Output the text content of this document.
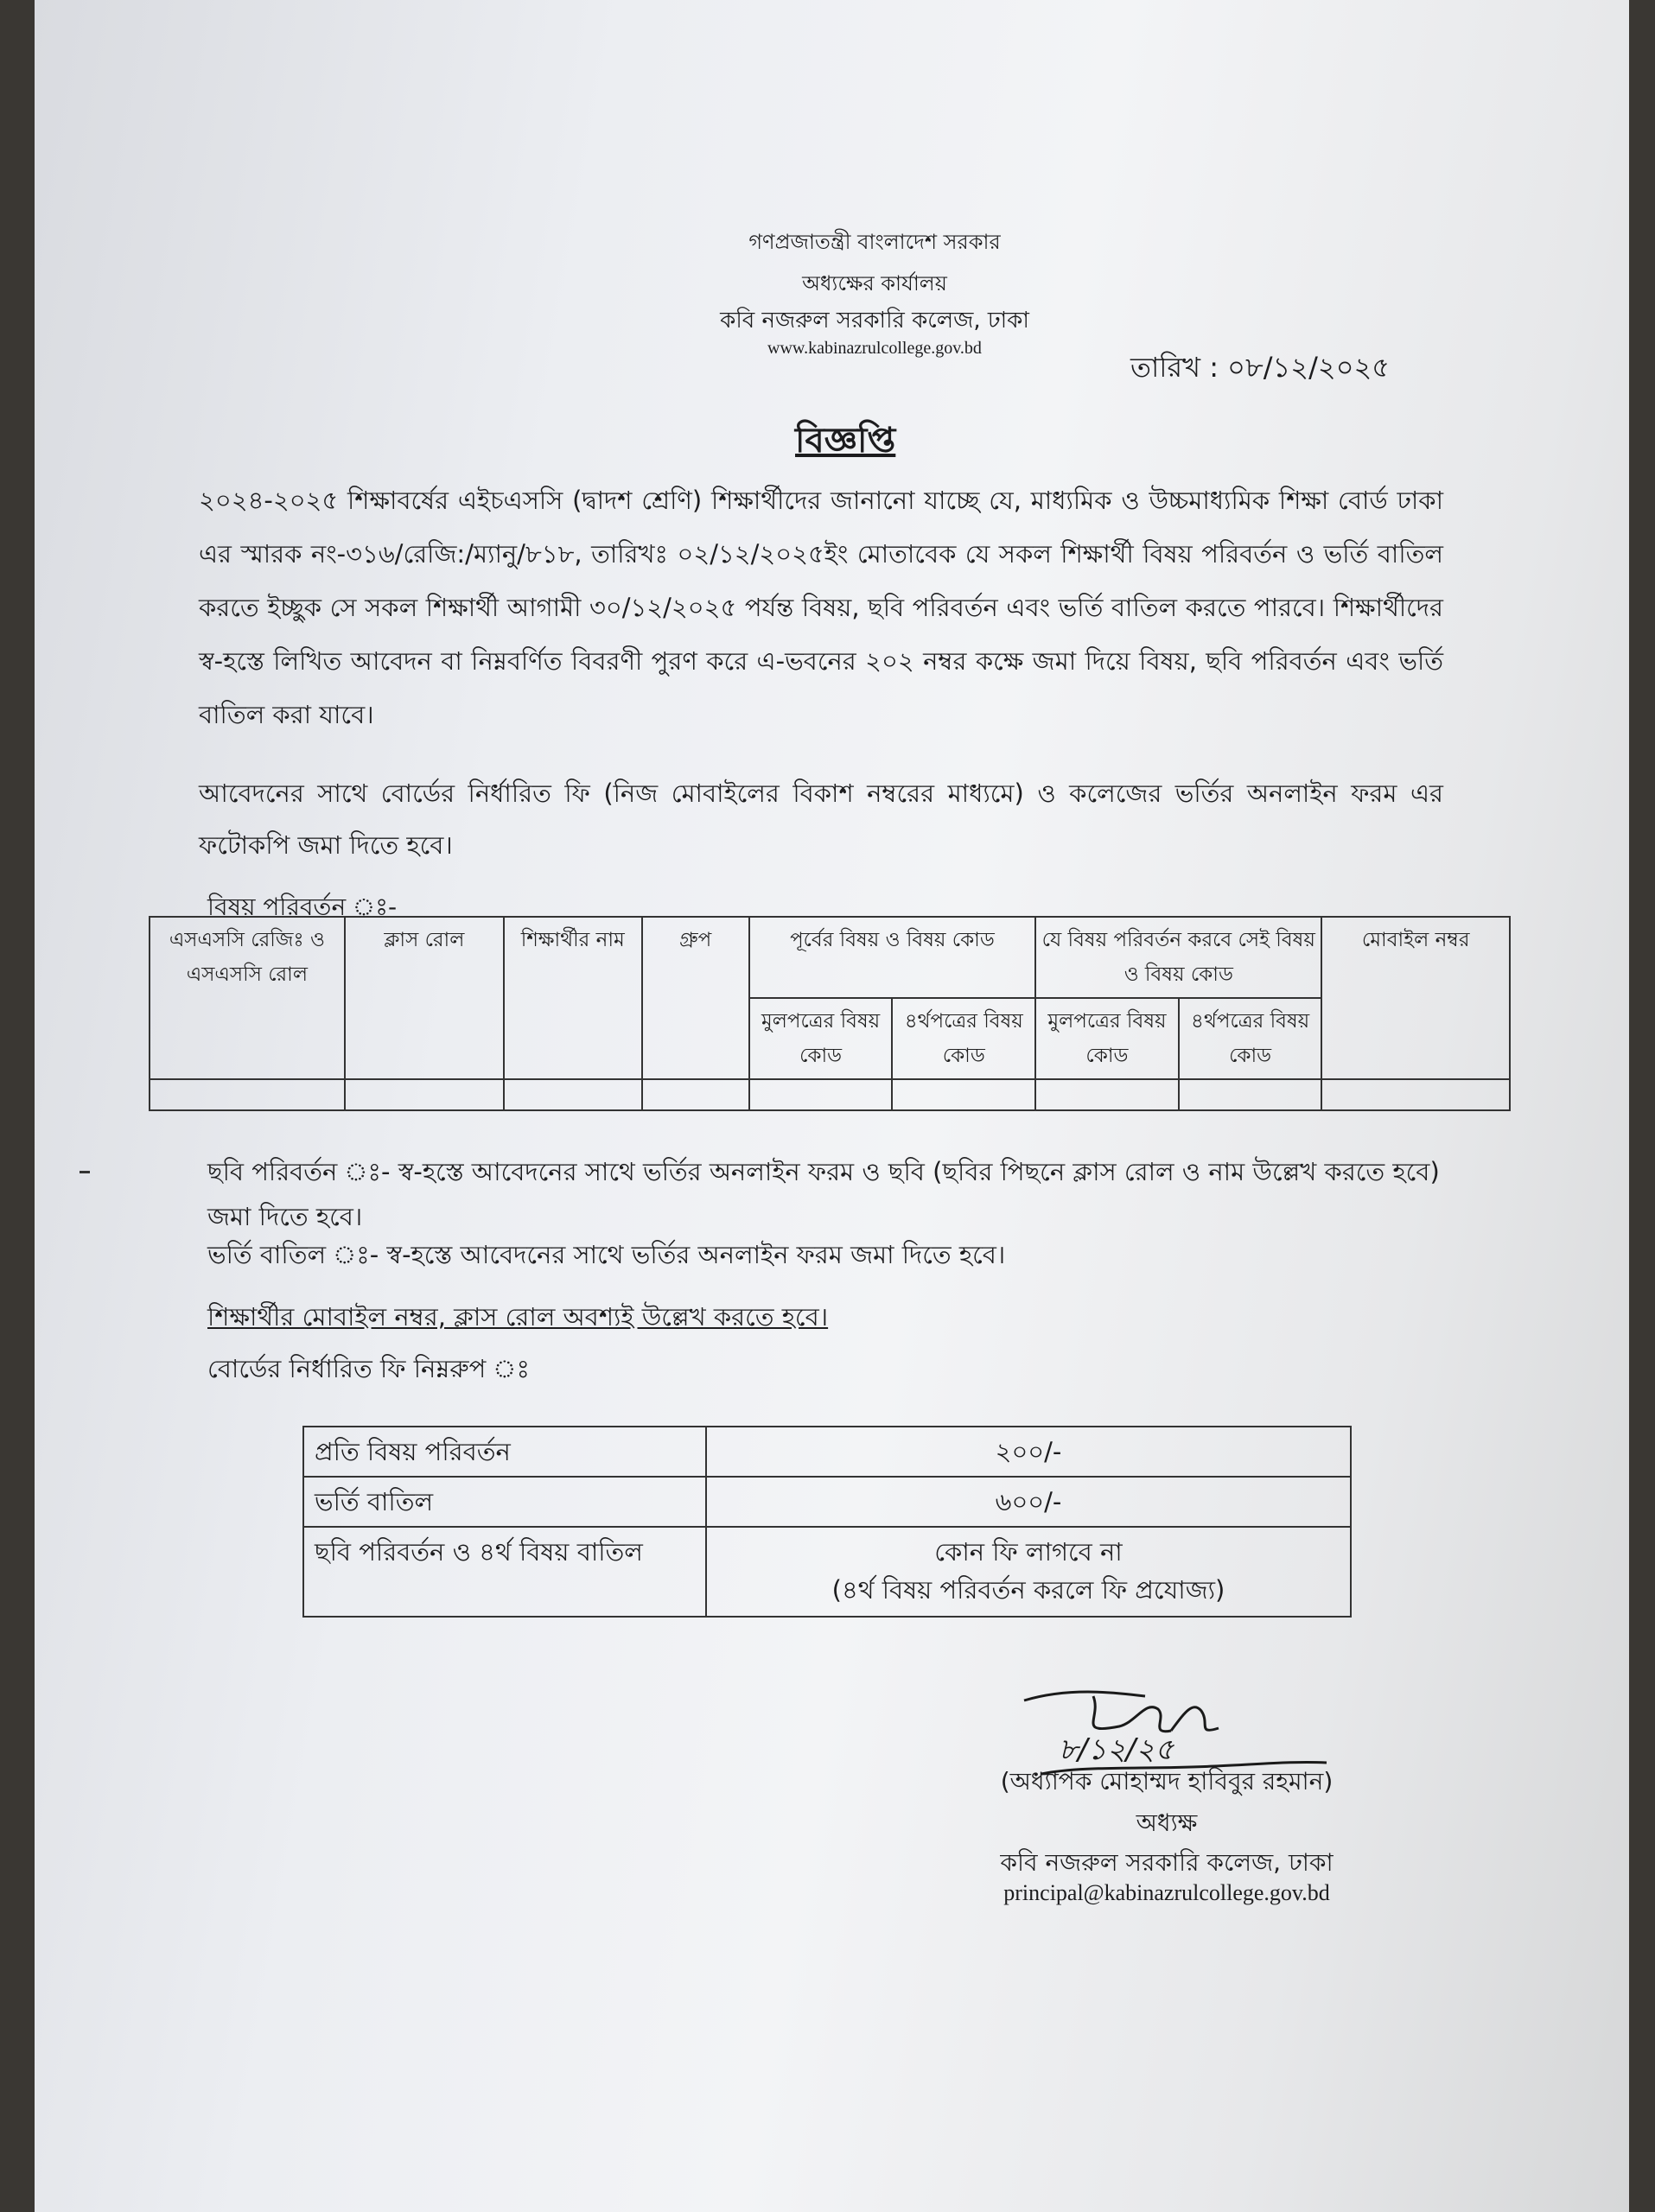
গণপ্রজাতন্ত্রী বাংলাদেশ সরকার
অধ্যক্ষের কার্যালয়
কবি নজরুল সরকারি কলেজ, ঢাকা
www.kabinazrulcollege.gov.bd
তারিখ : ০৮/১২/২০২৫
বিজ্ঞপ্তি
২০২৪-২০২৫ শিক্ষাবর্ষের এইচএসসি (দ্বাদশ শ্রেণি) শিক্ষার্থীদের জানানো যাচ্ছে যে, মাধ্যমিক ও উচ্চমাধ্যমিক শিক্ষা বোর্ড ঢাকা এর স্মারক নং-৩১৬/রেজি:/ম্যানু/৮১৮, তারিখঃ ০২/১২/২০২৫ইং মোতাবেক যে সকল শিক্ষার্থী বিষয় পরিবর্তন ও ভর্তি বাতিল করতে ইচ্ছুক সে সকল শিক্ষার্থী আগামী ৩০/১২/২০২৫ পর্যন্ত বিষয়, ছবি পরিবর্তন এবং ভর্তি বাতিল করতে পারবে। শিক্ষার্থীদের স্ব-হস্তে লিখিত আবেদন বা নিম্নবর্ণিত বিবরণী পুরণ করে এ-ভবনের ২০২ নম্বর কক্ষে জমা দিয়ে বিষয়, ছবি পরিবর্তন এবং ভর্তি বাতিল করা যাবে।
আবেদনের সাথে বোর্ডের নির্ধারিত ফি (নিজ মোবাইলের বিকাশ নম্বরের মাধ্যমে) ও কলেজের ভর্তির অনলাইন ফরম এর ফটোকপি জমা দিতে হবে।
বিষয় পরিবর্তন ঃ-
এসএসসি রেজিঃ ও এসএসসি রোল	ক্লাস রোল	শিক্ষার্থীর নাম	গ্রুপ	পূর্বের বিষয় ও বিষয় কোড		যে বিষয় পরিবর্তন করবে সেই বিষয় ও বিষয় কোড		মোবাইল নম্বর
				মুলপত্রের বিষয় কোড	৪র্থপত্রের বিষয় কোড	মুলপত্রের বিষয় কোড	৪র্থপত্রের বিষয় কোড	

ছবি পরিবর্তন ঃ- স্ব-হস্তে আবেদনের সাথে ভর্তির অনলাইন ফরম ও ছবি (ছবির পিছনে ক্লাস রোল ও নাম উল্লেখ করতে হবে) জমা দিতে হবে।
ভর্তি বাতিল ঃ- স্ব-হস্তে আবেদনের সাথে ভর্তির অনলাইন ফরম জমা দিতে হবে।
শিক্ষার্থীর মোবাইল নম্বর, ক্লাস রোল অবশ্যই উল্লেখ করতে হবে।
বোর্ডের নির্ধারিত ফি নিম্নরুপ ঃ
প্রতি বিষয় পরিবর্তন	২০০/-
ভর্তি বাতিল	৬০০/-
ছবি পরিবর্তন ও ৪র্থ বিষয় বাতিল	কোন ফি লাগবে না
(৪র্থ বিষয় পরিবর্তন করলে ফি প্রযোজ্য)
৮/১২/২৫
(অধ্যাপক মোহাম্মদ হাবিবুর রহমান)
অধ্যক্ষ
কবি নজরুল সরকারি কলেজ, ঢাকা
principal@kabinazrulcollege.gov.bd
